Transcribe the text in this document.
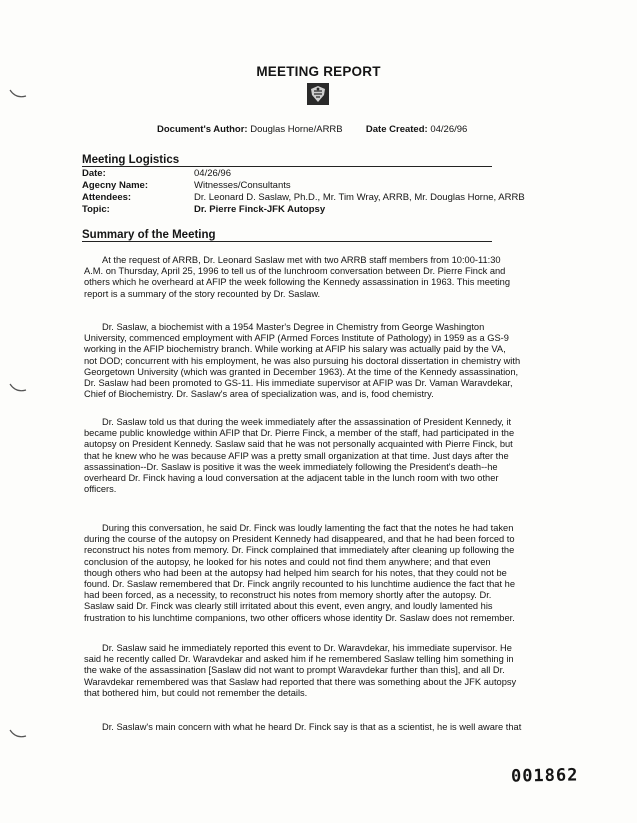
MEETING REPORT
Document's Author: Douglas Horne/ARRB Date Created: 04/26/96
Meeting Logistics
Date:	04/26/96
Agecny Name:	Witnesses/Consultants
Attendees:	Dr. Leonard D. Saslaw, Ph.D., Mr. Tim Wray, ARRB, Mr. Douglas Horne, ARRB
Topic:	Dr. Pierre Finck-JFK Autopsy
Summary of the Meeting
At the request of ARRB, Dr. Leonard Saslaw met with two ARRB staff members from 10:00-11:30
A.M. on Thursday, April 25, 1996 to tell us of the lunchroom conversation between Dr. Pierre Finck and
others which he overheard at AFIP the week following the Kennedy assassination in 1963. This meeting
report is a summary of the story recounted by Dr. Saslaw.
Dr. Saslaw, a biochemist with a 1954 Master's Degree in Chemistry from George Washington
University, commenced employment with AFIP (Armed Forces Institute of Pathology) in 1959 as a GS-9
working in the AFIP biochemistry branch. While working at AFIP his salary was actually paid by the VA,
not DOD; concurrent with his employment, he was also pursuing his doctoral dissertation in chemistry with
Georgetown University (which was granted in December 1963). At the time of the Kennedy assassination,
Dr. Saslaw had been promoted to GS-11. His immediate supervisor at AFIP was Dr. Vaman Waravdekar,
Chief of Biochemistry. Dr. Saslaw's area of specialization was, and is, food chemistry.
Dr. Saslaw told us that during the week immediately after the assassination of President Kennedy, it
became public knowledge within AFIP that Dr. Pierre Finck, a member of the staff, had participated in the
autopsy on President Kennedy. Saslaw said that he was not personally acquainted with Pierre Finck, but
that he knew who he was because AFIP was a pretty small organization at that time. Just days after the
assassination--Dr. Saslaw is positive it was the week immediately following the President's death--he
overheard Dr. Finck having a loud conversation at the adjacent table in the lunch room with two other
officers.
During this conversation, he said Dr. Finck was loudly lamenting the fact that the notes he had taken
during the course of the autopsy on President Kennedy had disappeared, and that he had been forced to
reconstruct his notes from memory. Dr. Finck complained that immediately after cleaning up following the
conclusion of the autopsy, he looked for his notes and could not find them anywhere; and that even
though others who had been at the autopsy had helped him search for his notes, that they could not be
found. Dr. Saslaw remembered that Dr. Finck angrily recounted to his lunchtime audience the fact that he
had been forced, as a necessity, to reconstruct his notes from memory shortly after the autopsy. Dr.
Saslaw said Dr. Finck was clearly still irritated about this event, even angry, and loudly lamented his
frustration to his lunchtime companions, two other officers whose identity Dr. Saslaw does not remember.
Dr. Saslaw said he immediately reported this event to Dr. Waravdekar, his immediate supervisor. He
said he recently called Dr. Waravdekar and asked him if he remembered Saslaw telling him something in
the wake of the assassination [Saslaw did not want to prompt Waravdekar further than this], and all Dr.
Waravdekar remembered was that Saslaw had reported that there was something about the JFK autopsy
that bothered him, but could not remember the details.
Dr. Saslaw's main concern with what he heard Dr. Finck say is that as a scientist, he is well aware that
001862
